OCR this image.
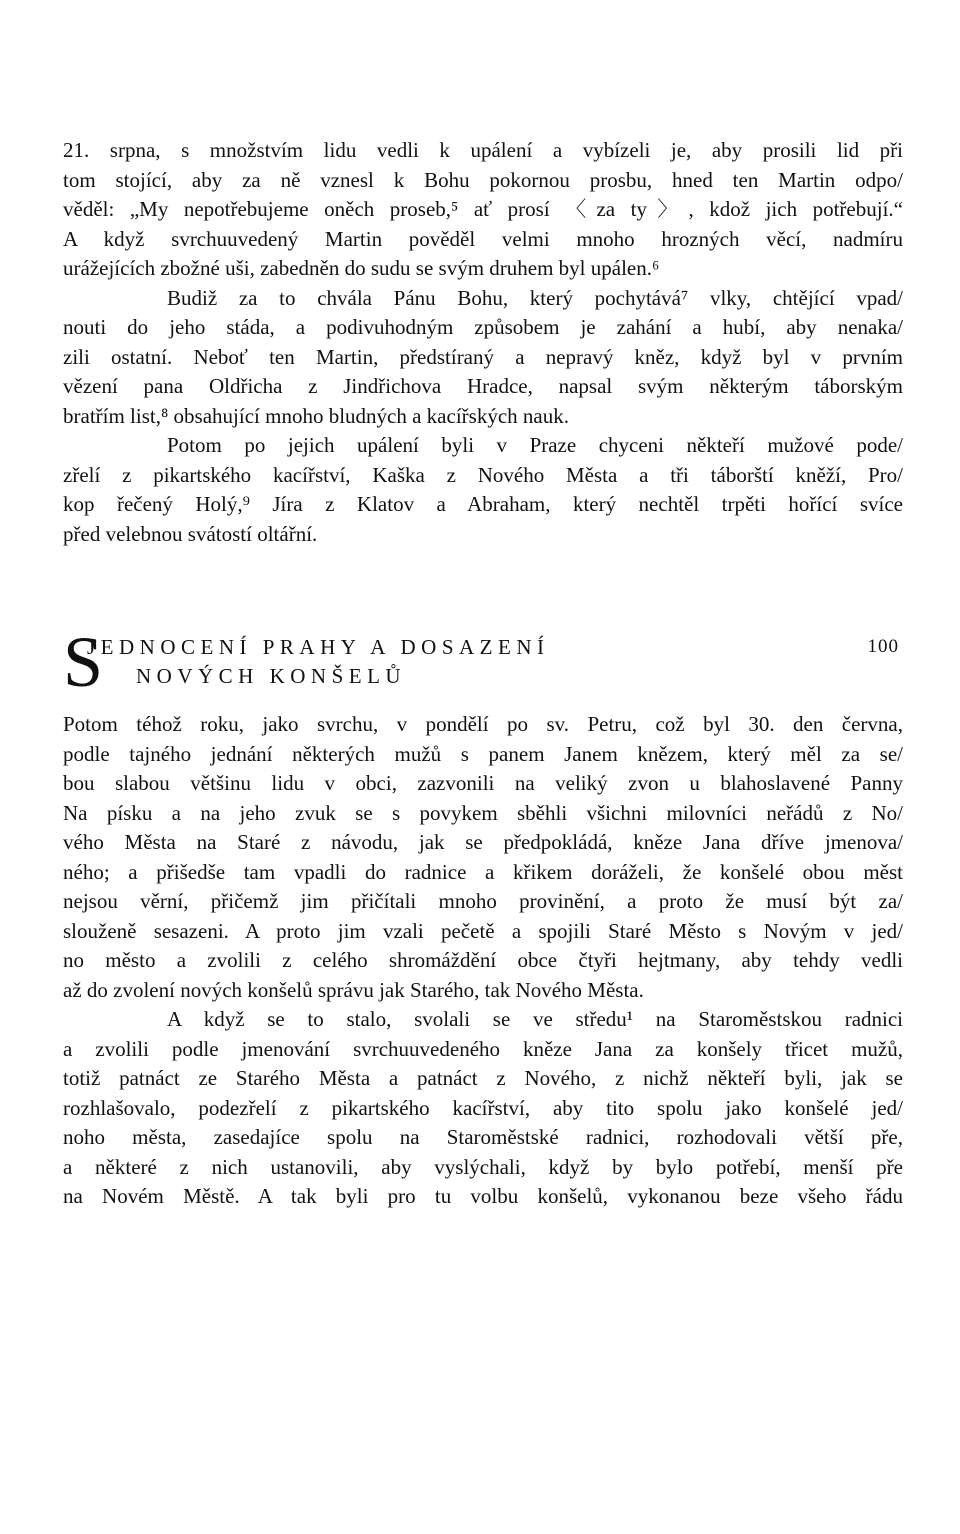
21. srpna, s množstvím lidu vedli k upálení a vybízeli je, aby prosili lid při
tom stojící, aby za ně vznesl k Bohu pokornou prosbu, hned ten Martin odpo/
věděl: „My nepotřebujeme oněch proseb,⁵ ať prosí 〈za ty〉, kdož jich potřebují.“
A když svrchuuvedený Martin pověděl velmi mnoho hrozných věcí, nadmíru
urážejících zbožné uši, zabedněn do sudu se svým druhem byl upálen.⁶
Budiž za to chvála Pánu Bohu, který pochytává⁷ vlky, chtějící vpad/
nouti do jeho stáda, a podivuhodným způsobem je zahání a hubí, aby nenaka/
zili ostatní. Neboť ten Martin, předstíraný a nepravý kněz, když byl v prvním
vězení pana Oldřicha z Jindřichova Hradce, napsal svým některým táborským
bratřím list,⁸ obsahující mnoho bludných a kacířských nauk.
Potom po jejich upálení byli v Praze chyceni někteří mužové pode/
zřelí z pikartského kacířství, Kaška z Nového Města a tři táborští kněží, Pro/
kop řečený Holý,⁹ Jíra z Klatov a Abraham, který nechtěl trpěti hořící svíce
před velebnou svátostí oltářní.
S
JEDNOCENÍ PRAHY A DOSAZENÍ
NOVÝCH KONŠELŮ
100
Potom téhož roku, jako svrchu, v pondělí po sv. Petru, což byl 30. den června,
podle tajného jednání některých mužů s panem Janem knězem, který měl za se/
bou slabou většinu lidu v obci, zazvonili na veliký zvon u blahoslavené Panny
Na písku a na jeho zvuk se s povykem sběhli všichni milovníci neřádů z No/
vého Města na Staré z návodu, jak se předpokládá, kněze Jana dříve jmenova/
ného; a přišedše tam vpadli do radnice a křikem doráželi, že konšelé obou měst
nejsou věrní, přičemž jim přičítali mnoho provinění, a proto že musí být za/
slouženě sesazeni. A proto jim vzali pečetě a spojili Staré Město s Novým v jed/
no město a zvolili z celého shromáždění obce čtyři hejtmany, aby tehdy vedli
až do zvolení nových konšelů správu jak Starého, tak Nového Města.
A když se to stalo, svolali se ve středu¹ na Staroměstskou radnici
a zvolili podle jmenování svrchuuvedeného kněze Jana za konšely třicet mužů,
totiž patnáct ze Starého Města a patnáct z Nového, z nichž někteří byli, jak se
rozhlašovalo, podezřelí z pikartského kacířství, aby tito spolu jako konšelé jed/
noho města, zasedajíce spolu na Staroměstské radnici, rozhodovali větší pře,
a některé z nich ustanovili, aby vyslýchali, když by bylo potřebí, menší pře
na Novém Městě. A tak byli pro tu volbu konšelů, vykonanou beze všeho řádu
